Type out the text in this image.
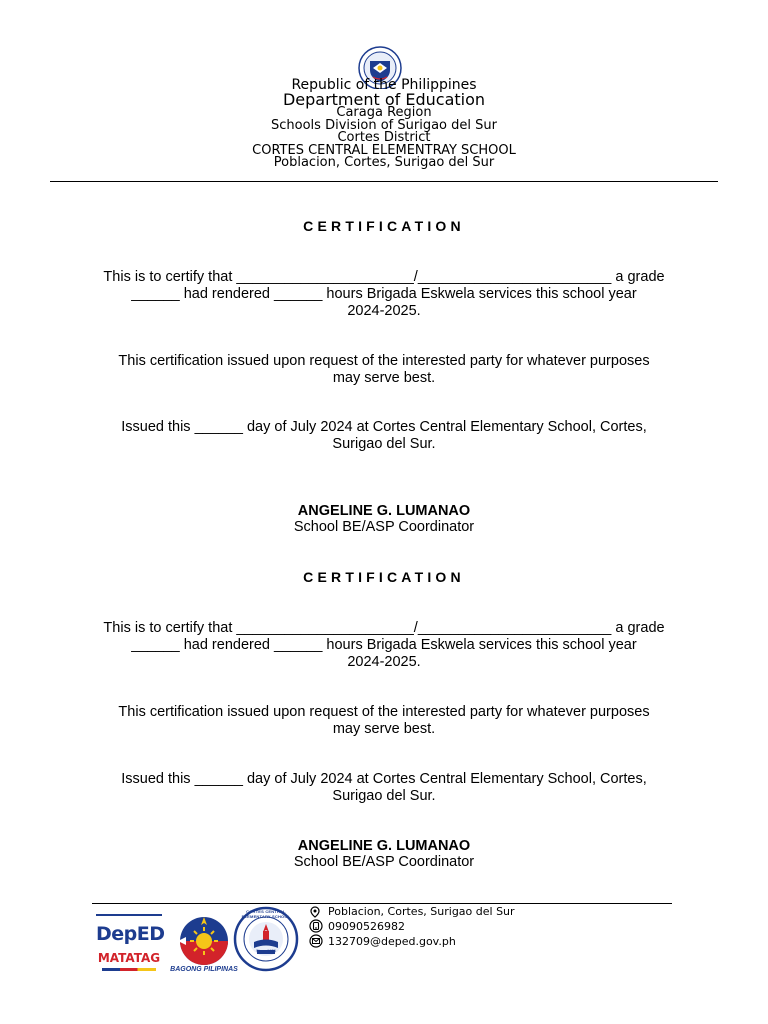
Republic of the Philippines
Department of Education
Caraga Region
Schools Division of Surigao del Sur
Cortes District
CORTES CENTRAL ELEMENTRAY SCHOOL
Poblacion, Cortes, Surigao del Sur
CERTIFICATION
This is to certify that ______________________/________________________ a grade
______ had rendered ______ hours Brigada Eskwela services this school year
2024-2025.
This certification issued upon request of the interested party for whatever purposes
may serve best.
Issued this ______ day of July 2024 at Cortes Central Elementary School, Cortes,
Surigao del Sur.
ANGELINE G. LUMANAO
School BE/ASP Coordinator
CERTIFICATION
This is to certify that ______________________/________________________ a grade
______ had rendered ______ hours Brigada Eskwela services this school year
2024-2025.
This certification issued upon request of the interested party for whatever purposes
may serve best.
Issued this ______ day of July 2024 at Cortes Central Elementary School, Cortes,
Surigao del Sur.
ANGELINE G. LUMANAO
School BE/ASP Coordinator
DepED
MATATAG
BAGONG PILIPINAS
Since 1926
CORTES CENTRAL ELEMENTARY SCHOOL	Poblacion, Cortes, Surigao del Sur
09090526982
132709@deped.gov.ph
